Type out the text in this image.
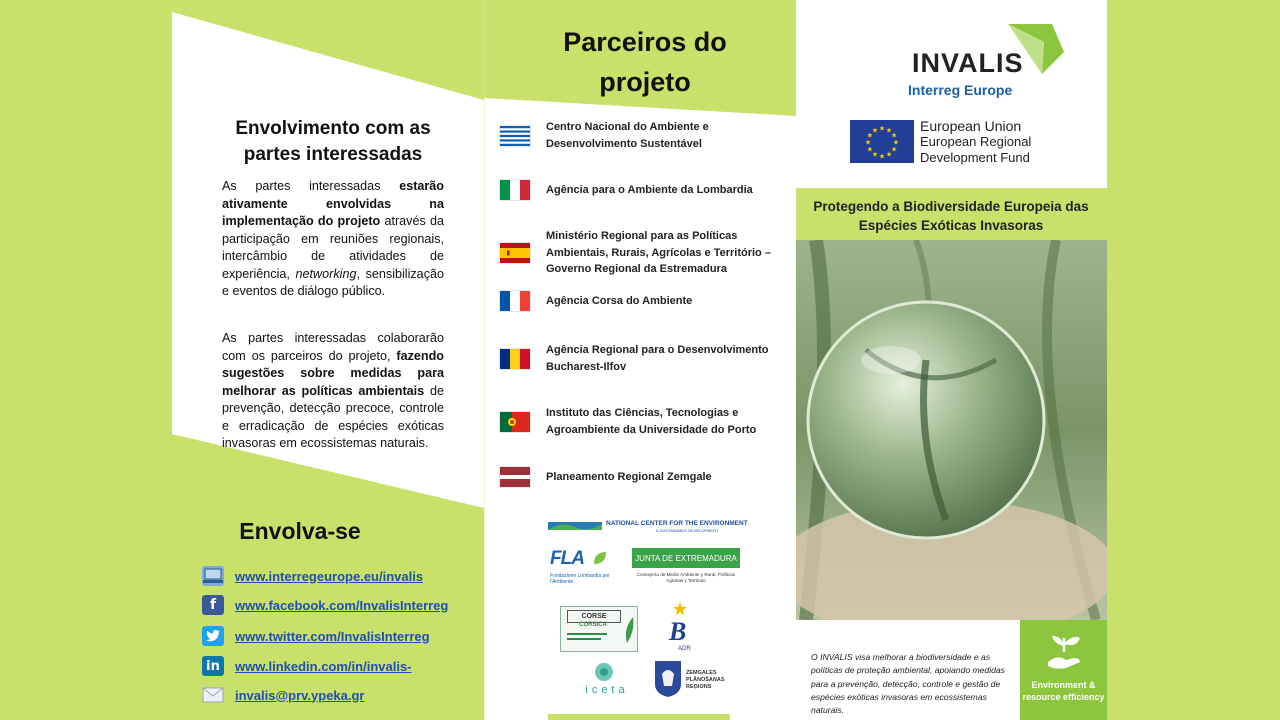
Envolvimento com as partes interessadas
As partes interessadas estarão ativamente envolvidas na implementação do projeto através da participação em reuniões regionais, intercâmbio de atividades de experiência, networking, sensibilização e eventos de diálogo público.
As partes interessadas colaborarão com os parceiros do projeto, fazendo sugestões sobre medidas para melhorar as políticas ambientais de prevenção, detecção precoce, controle e erradicação de espécies exóticas invasoras em ecossistemas naturais.
Envolva-se
www.interregeurope.eu/invalis
f	www.facebook.com/InvalisInterreg
www.twitter.com/InvalisInterreg
in	www.linkedin.com/in/invalis-
invalis@prv.ypeka.gr
Parceiros do projeto
Centro Nacional do Ambiente e Desenvolvimento Sustentável
Agência para o Ambiente da Lombardia
Ministério Regional para as Políticas Ambientais, Rurais, Agrícolas e Território – Governo Regional da Estremadura
Agência Corsa do Ambiente
Agência Regional para o Desenvolvimento Bucharest-Ilfov
Instituto das Ciências, Tecnologias e Agroambiente da Universidade do Porto
Planeamento Regional Zemgale
NATIONAL CENTER FOR THE ENVIRONMENT
& SUSTAINABLE DEVELOPMENT
FLA
Fondazione Lombardia per l'Ambiente
JUNTA DE EXTREMADURA
Consejería de Medio Ambiente y Rural, Políticas Agrarias y Territorio
CORSE
CORSICA	B
ADR
iceta
ZEMGALES PLĀNOŠANAS REĢIONS
INVALIS
Interreg Europe
★
★
★
★
★
★
★
★
★ ★ ★
★
European Union
European Regional
Development Fund
Protegendo a Biodiversidade Europeia das Espécies Exóticas Invasoras
O INVALIS visa melhorar a biodiversidade e as políticas de proteção ambiental, apoiando medidas para a prevenção, detecção, controle e gestão de espécies exóticas invasoras em ecossistemas naturais.
Environment & resource efficiency
